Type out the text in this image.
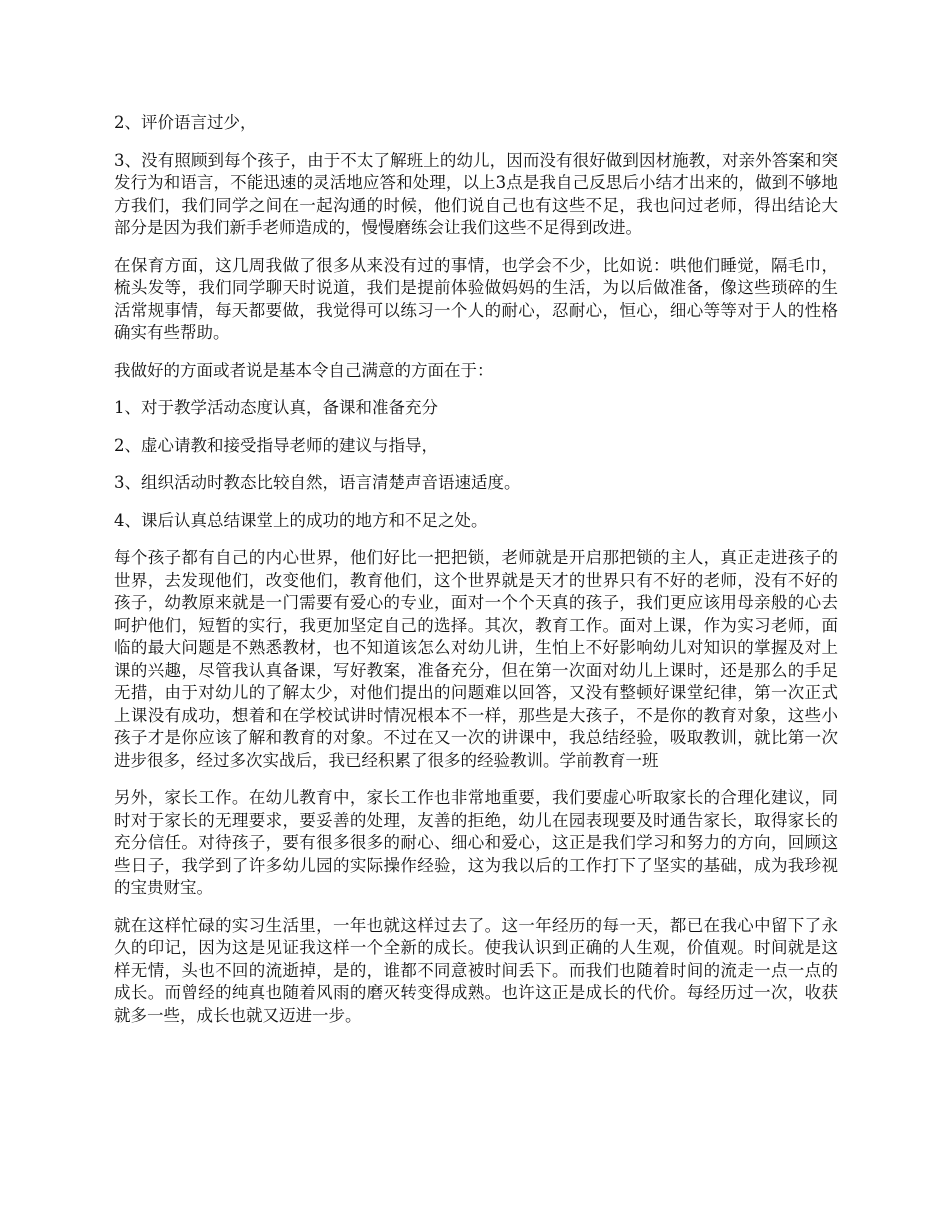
2、评价语言过少，

3、没有照顾到每个孩子，由于不太了解班上的幼儿，因而没有很好做到因材施教，对亲外答案和突发行为和语言，不能迅速的灵活地应答和处理，以上3点是我自己反思后小结才出来的，做到不够地方我们，我们同学之间在一起沟通的时候，他们说自己也有这些不足，我也问过老师，得出结论大部分是因为我们新手老师造成的，慢慢磨练会让我们这些不足得到改进。

在保育方面，这几周我做了很多从来没有过的事情，也学会不少，比如说：哄他们睡觉，隔毛巾，梳头发等，我们同学聊天时说道，我们是提前体验做妈妈的生活，为以后做准备，像这些琐碎的生活常规事情，每天都要做，我觉得可以练习一个人的耐心，忍耐心，恒心，细心等等对于人的性格确实有些帮助。

我做好的方面或者说是基本令自己满意的方面在于：

1、对于教学活动态度认真，备课和准备充分

2、虚心请教和接受指导老师的建议与指导，

3、组织活动时教态比较自然，语言清楚声音语速适度。

4、课后认真总结课堂上的成功的地方和不足之处。

每个孩子都有自己的内心世界，他们好比一把把锁，老师就是开启那把锁的主人，真正走进孩子的世界，去发现他们，改变他们，教育他们，这个世界就是天才的世界只有不好的老师，没有不好的孩子，幼教原来就是一门需要有爱心的专业，面对一个个天真的孩子，我们更应该用母亲般的心去呵护他们，短暂的实行，我更加坚定自己的选择。其次，教育工作。面对上课，作为实习老师，面临的最大问题是不熟悉教材，也不知道该怎么对幼儿讲，生怕上不好影响幼儿对知识的掌握及对上课的兴趣，尽管我认真备课，写好教案，准备充分，但在第一次面对幼儿上课时，还是那么的手足无措，由于对幼儿的了解太少，对他们提出的问题难以回答，又没有整顿好课堂纪律，第一次正式上课没有成功，想着和在学校试讲时情况根本不一样，那些是大孩子，不是你的教育对象，这些小孩子才是你应该了解和教育的对象。不过在又一次的讲课中，我总结经验，吸取教训，就比第一次进步很多，经过多次实战后，我已经积累了很多的经验教训。学前教育一班

另外，家长工作。在幼儿教育中，家长工作也非常地重要，我们要虚心听取家长的合理化建议，同时对于家长的无理要求，要妥善的处理，友善的拒绝，幼儿在园表现要及时通告家长，取得家长的充分信任。对待孩子，要有很多很多的耐心、细心和爱心，这正是我们学习和努力的方向，回顾这些日子，我学到了许多幼儿园的实际操作经验，这为我以后的工作打下了坚实的基础，成为我珍视的宝贵财宝。

就在这样忙碌的实习生活里，一年也就这样过去了。这一年经历的每一天，都已在我心中留下了永久的印记，因为这是见证我这样一个全新的成长。使我认识到正确的人生观，价值观。时间就是这样无情，头也不回的流逝掉，是的，谁都不同意被时间丢下。而我们也随着时间的流走一点一点的成长。而曾经的纯真也随着风雨的磨灭转变得成熟。也许这正是成长的代价。每经历过一次，收获就多一些，成长也就又迈进一步。
